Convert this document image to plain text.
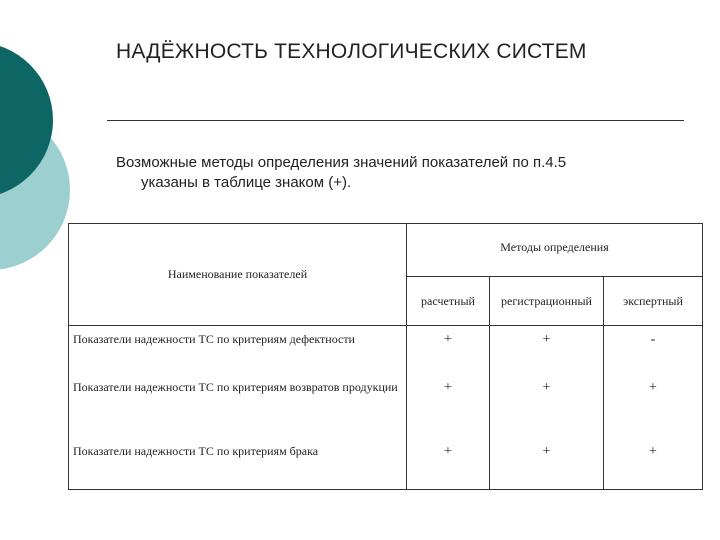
НАДЁЖНОСТЬ ТЕХНОЛОГИЧЕСКИХ СИСТЕМ
Возможные методы определения значений показателей по п.4.5
указаны в таблице знаком (+).
Наименование показателей	Методы определения		
	расчетный	регистрационный	экспертный
Показатели надежности ТС по критериям дефектности	+	+	-
Показатели надежности ТС по критериям возвратов продукции	+	+	+
Показатели надежности ТС по критериям брака	+	+	+
